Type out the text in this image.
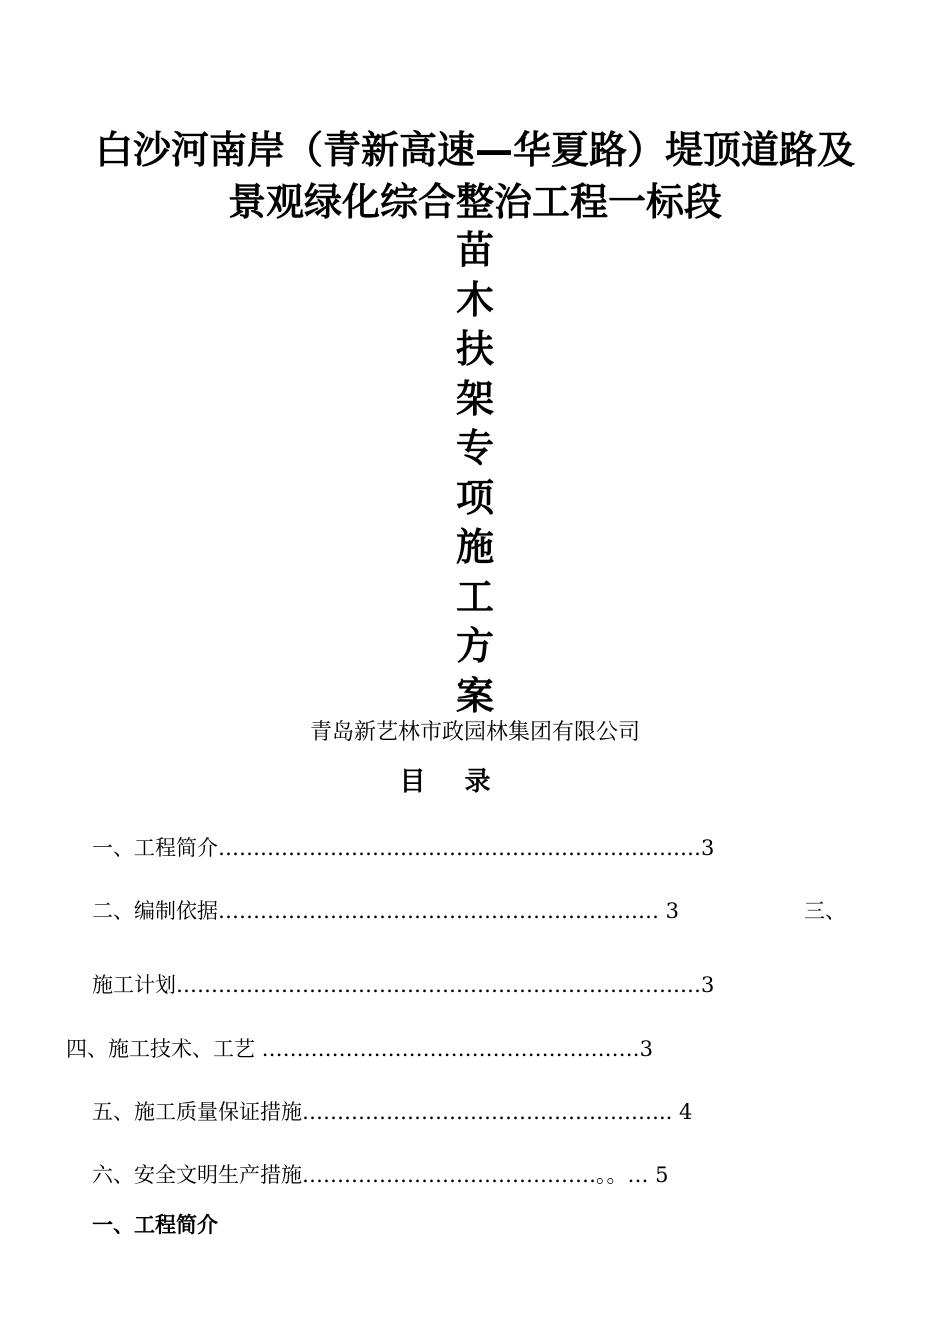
白沙河南岸（青新高速—华夏路）堤顶道路及
景观绿化综合整治工程一标段
苗
木
扶
架
专
项
施
工
方
案
青岛新艺林市政园林集团有限公司
目 录
一、工程简介……………………………………………………………3
二、编制依据……………………………………………………… 3	三、
施工计划…………………………………………………………………3
四、施工技术、工艺 ………………………………………………3
五、施工质量保证措施…………………………………………….. 4
六、安全文明生产措施……………………………………。。… 5
一、工程简介
